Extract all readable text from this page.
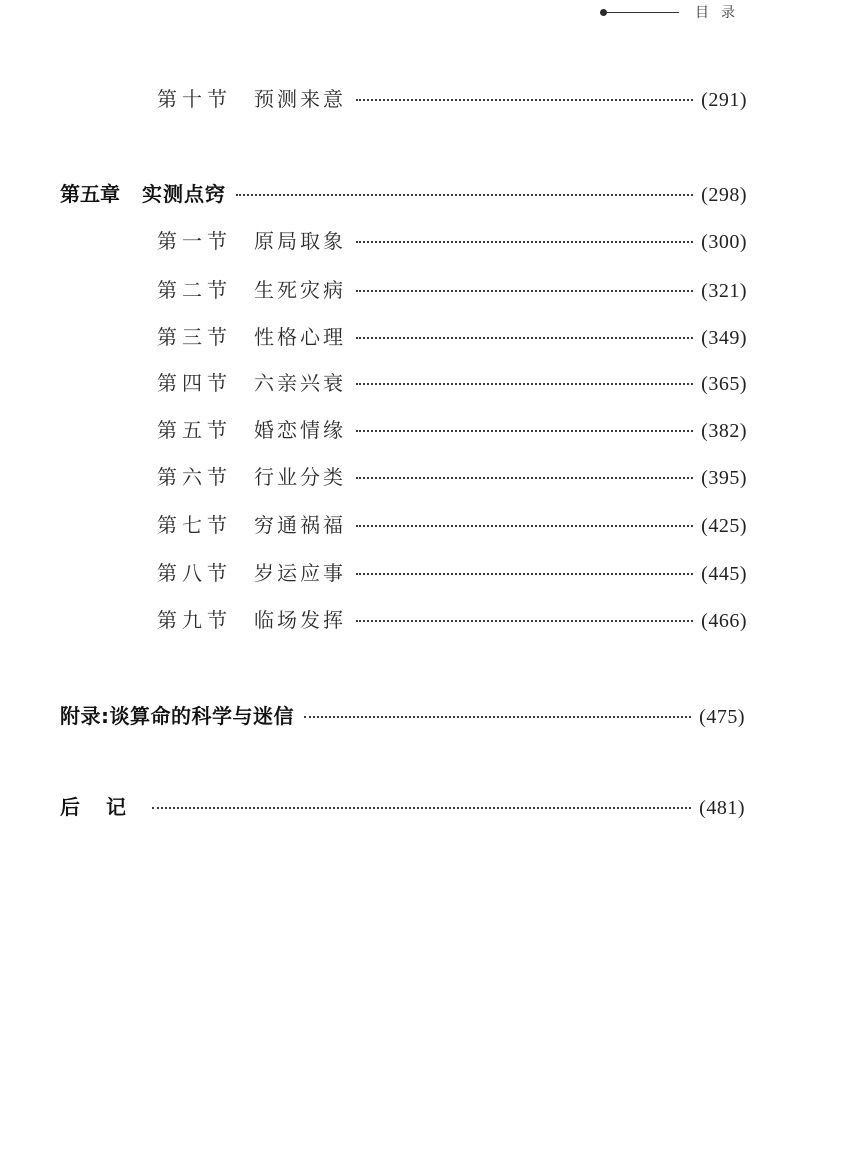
目录
第十节 预测来意	(291)
第五章 实测点窍	(298)
第一节 原局取象	(300)
第二节 生死灾病	(321)
第三节 性格心理	(349)
第四节 六亲兴衰	(365)
第五节 婚恋情缘	(382)
第六节 行业分类	(395)
第七节 穷通祸福	(425)
第八节 岁运应事	(445)
第九节 临场发挥	(466)
附录:谈算命的科学与迷信	(475)
后记	(481)
